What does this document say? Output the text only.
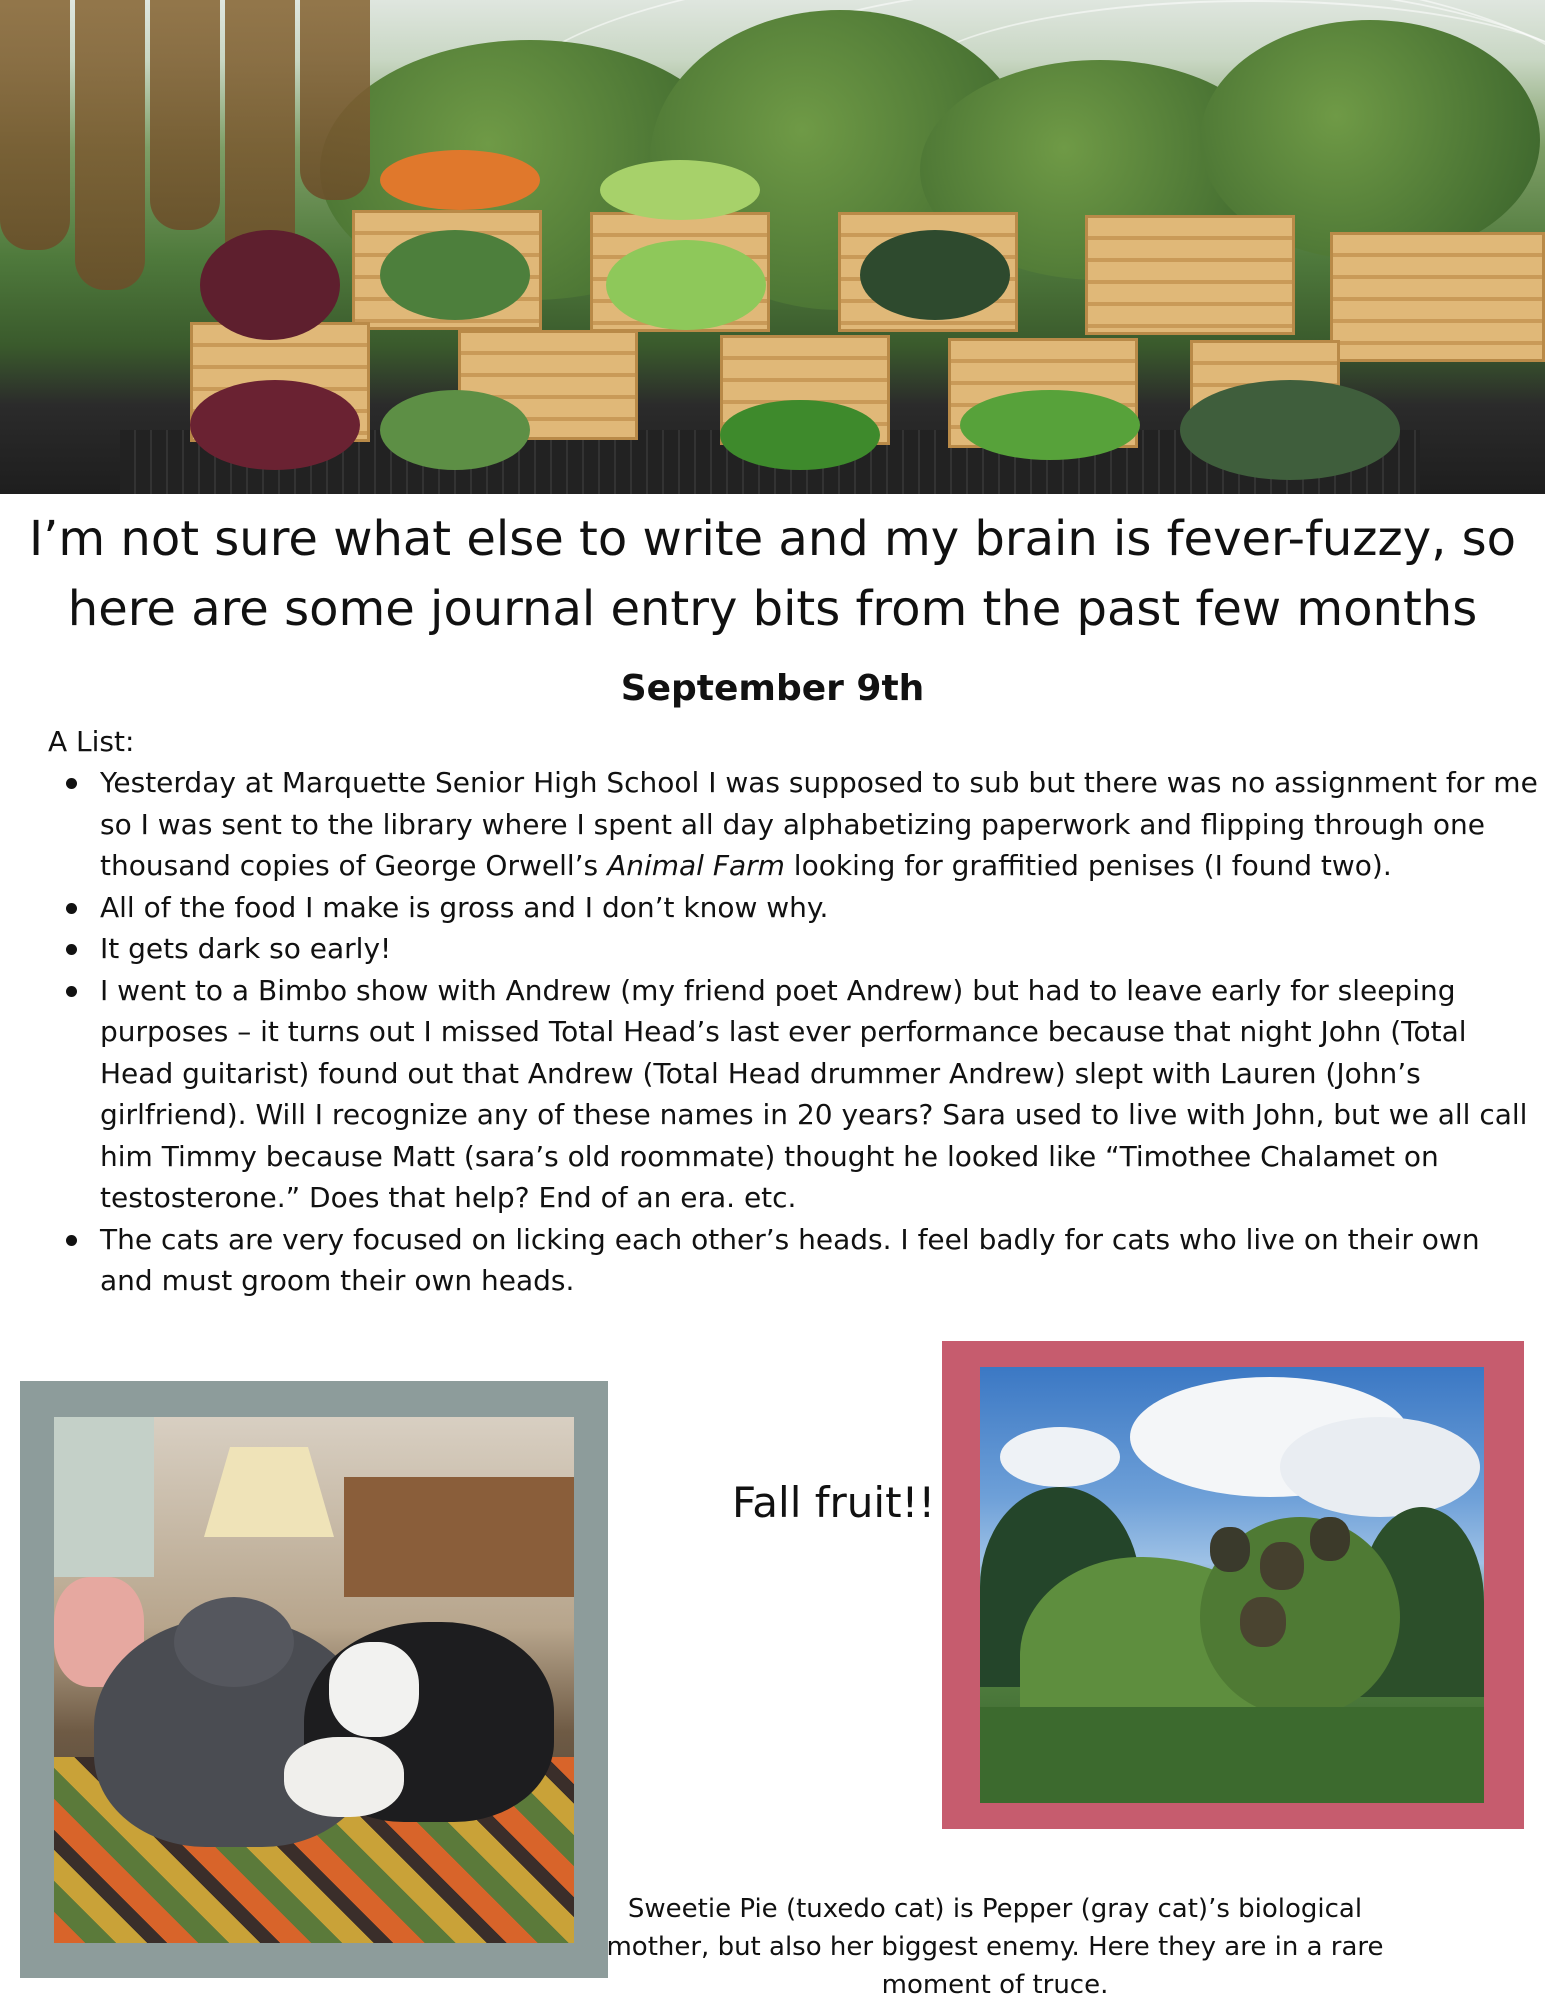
I’m not sure what else to write and my brain is fever-fuzzy, so
here are some journal entry bits from the past few months
September 9th

A List:

Yesterday at Marquette Senior High School I was supposed to sub but there was no assignment for me so I was sent to the library where I spent all day alphabetizing paperwork and flipping through one thousand copies of George Orwell’s Animal Farm looking for graffitied penises (I found two).
All of the food I make is gross and I don’t know why.
It gets dark so early!
I went to a Bimbo show with Andrew (my friend poet Andrew) but had to leave early for sleeping purposes – it turns out I missed Total Head’s last ever performance because that night John (Total Head guitarist) found out that Andrew (Total Head drummer Andrew) slept with Lauren (John’s girlfriend). Will I recognize any of these names in 20 years? Sara used to live with John, but we all call him Timmy because Matt (sara’s old roommate) thought he looked like “Timothee Chalamet on testosterone.” Does that help? End of an era. etc.
The cats are very focused on licking each other’s heads. I feel badly for cats who live on their own and must groom their own heads.

Fall fruit!!

Sweetie Pie (tuxedo cat) is Pepper (gray cat)’s biological
mother, but also her biggest enemy. Here they are in a rare
moment of truce.
